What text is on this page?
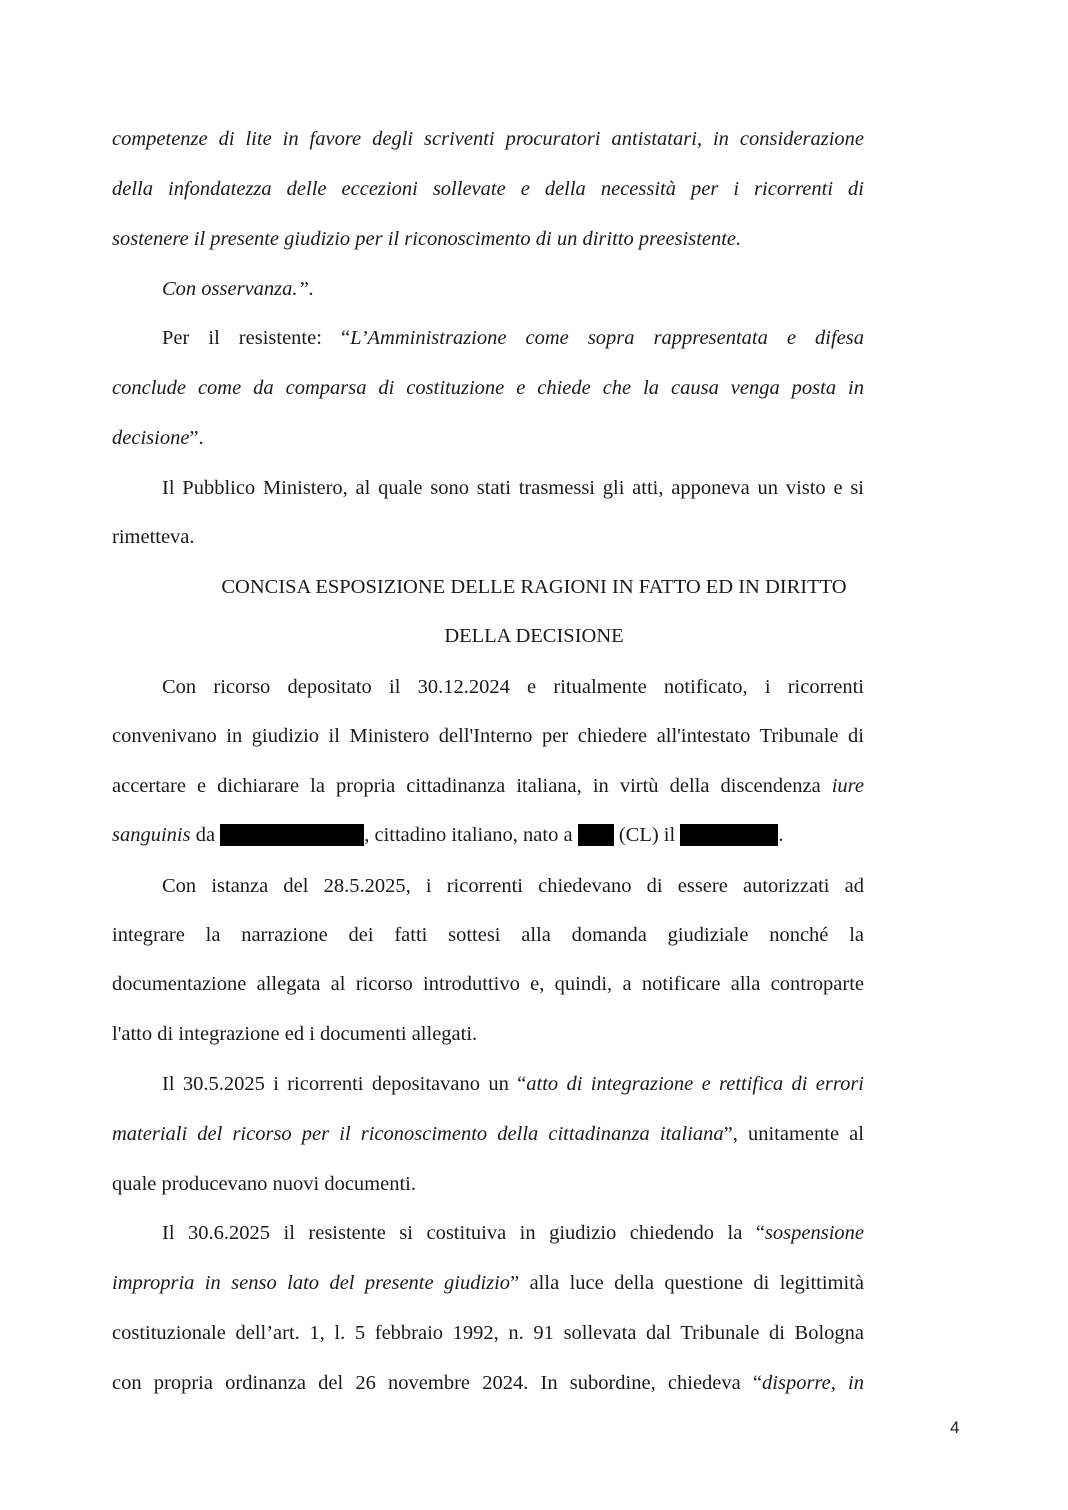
competenze di lite in favore degli scriventi procuratori antistatari, in considerazione
della infondatezza delle eccezioni sollevate e della necessità per i ricorrenti di
sostenere il presente giudizio per il riconoscimento di un diritto preesistente.
Con osservanza.”.
Per il resistente: “L’Amministrazione come sopra rappresentata e difesa
conclude come da comparsa di costituzione e chiede che la causa venga posta in
decisione”.
Il Pubblico Ministero, al quale sono stati trasmessi gli atti, apponeva un visto e si
rimetteva.
CONCISA ESPOSIZIONE DELLE RAGIONI IN FATTO ED IN DIRITTO
DELLA DECISIONE
Con ricorso depositato il 30.12.2024 e ritualmente notificato, i ricorrenti
convenivano in giudizio il Ministero dell'Interno per chiedere all'intestato Tribunale di
accertare e dichiarare la propria cittadinanza italiana, in virtù della discendenza iure
sanguinis da	, cittadino italiano, nato a  (CL) il	.
Con istanza del 28.5.2025, i ricorrenti chiedevano di essere autorizzati ad
integrare la narrazione dei fatti sottesi alla domanda giudiziale nonché la
documentazione allegata al ricorso introduttivo e, quindi, a notificare alla controparte
l'atto di integrazione ed i documenti allegati.
Il 30.5.2025 i ricorrenti depositavano un “atto di integrazione e rettifica di errori
materiali del ricorso per il riconoscimento della cittadinanza italiana”, unitamente al
quale producevano nuovi documenti.
Il 30.6.2025 il resistente si costituiva in giudizio chiedendo la “sospensione
impropria in senso lato del presente giudizio” alla luce della questione di legittimità
costituzionale dell’art. 1, l. 5 febbraio 1992, n. 91 sollevata dal Tribunale di Bologna
con propria ordinanza del 26 novembre 2024. In subordine, chiedeva “disporre, in
4
